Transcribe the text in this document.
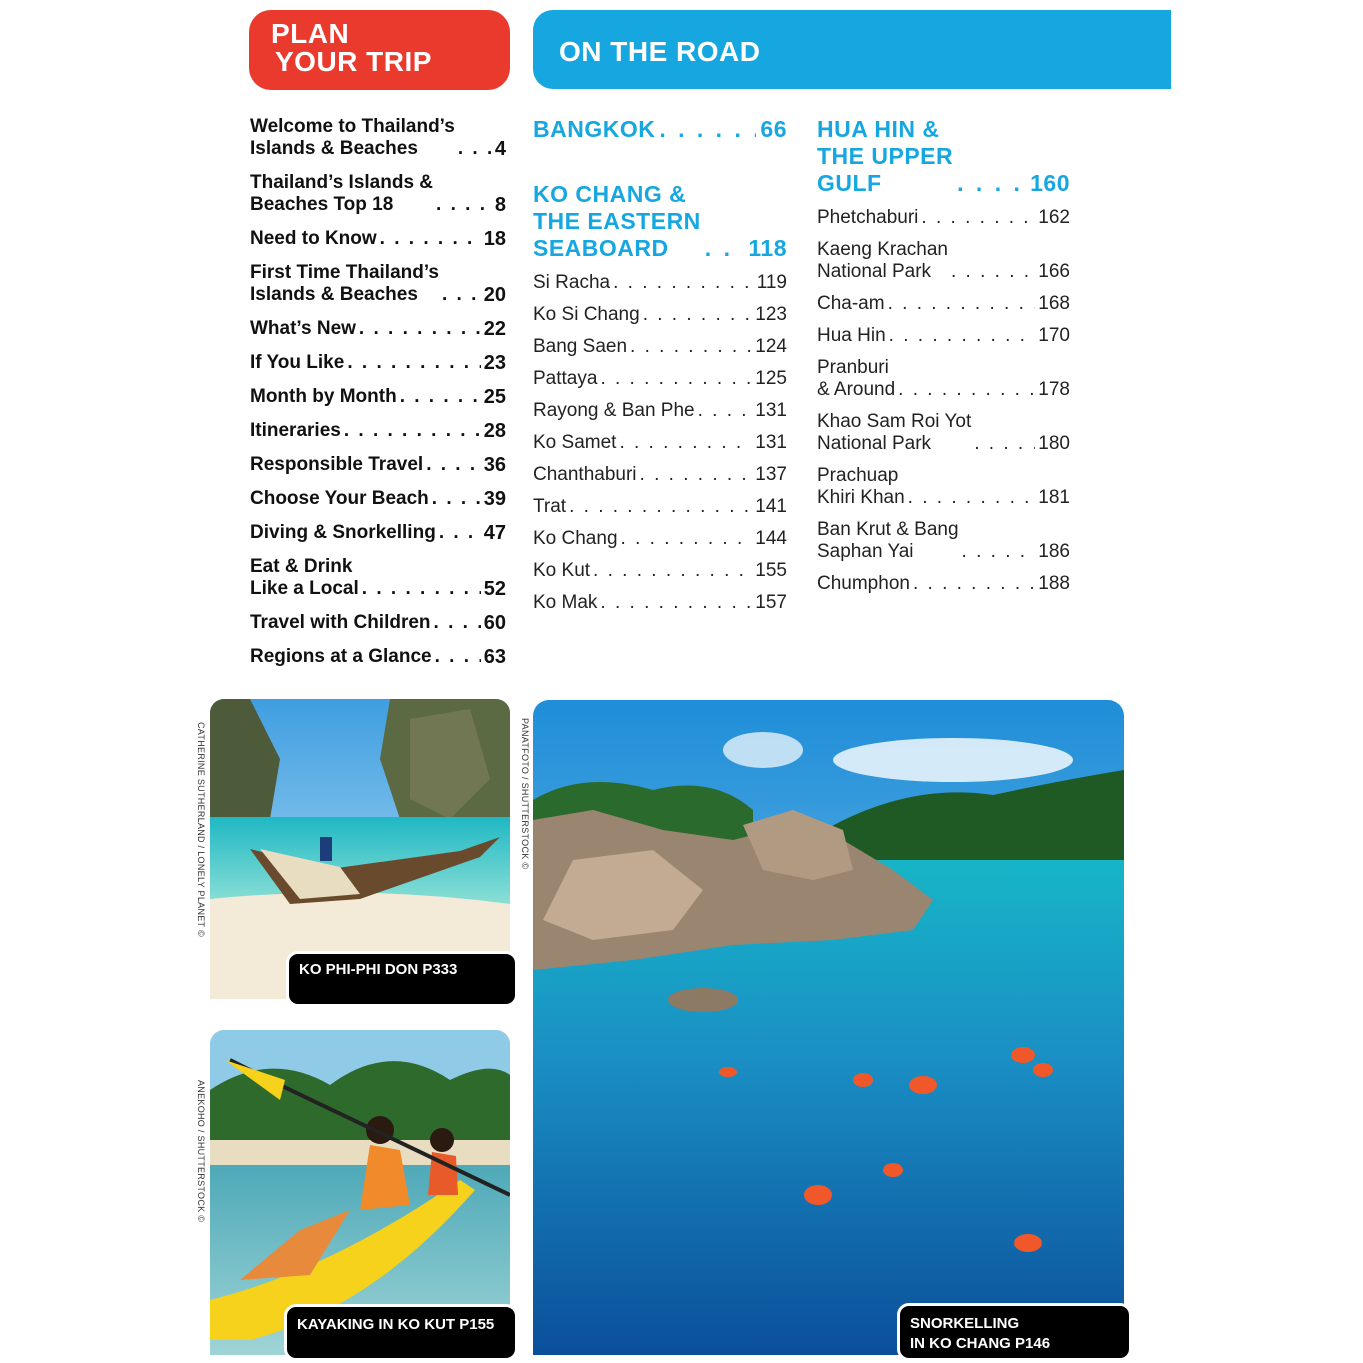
PLAN
YOUR TRIP	ON THE ROAD
Welcome to Thailand’s
Islands & Beaches . . .	4
Thailand’s Islands &
Beaches Top 18 . . .	8
Need to Know . . .	18
First Time Thailand’s
Islands & Beaches . . .	20
What’s New . . .	22
If You Like . . .	23
Month by Month . . .	25
Itineraries . . .	28
Responsible Travel . . .	36
Choose Your Beach . . .	39
Diving & Snorkelling . . . 47
Eat & Drink
Like a Local . . .	52
Travel with Children . . .	60
Regions at a Glance . . .	63
BANGKOK . . .	66
KO CHANG &
THE EASTERN
SEABOARD . . .	118
Si Racha . . .	119
Ko Si Chang . . .	123
Bang Saen . . .	124
Pattaya . . .	125
Rayong & Ban Phe . . .	131
Ko Samet . . .	131
Chanthaburi . . .	137
Trat . . .	141
Ko Chang . . .	144
Ko Kut . . .	155
Ko Mak . . .	157
HUA HIN &
THE UPPER
GULF . . .	160
Phetchaburi . . .	162
Kaeng Krachan
National Park . . .	166
Cha-am . . .	168
Hua Hin . . .	170
Pranburi
& Around . . .	178
Khao Sam Roi Yot
National Park . . .	180
Prachuap
Khiri Khan . . .	181
Ban Krut & Bang
Saphan Yai . . .	186
Chumphon . . .	188
KO PHI-PHI DON P333
CATHERINE SUTHERLAND / LONELY PLANET ©
KAYAKING IN KO KUT P155
ANEKOHO / SHUTTERSTOCK ©
SNORKELLING
IN KO CHANG P146
PANATFOTO / SHUTTERSTOCK ©
